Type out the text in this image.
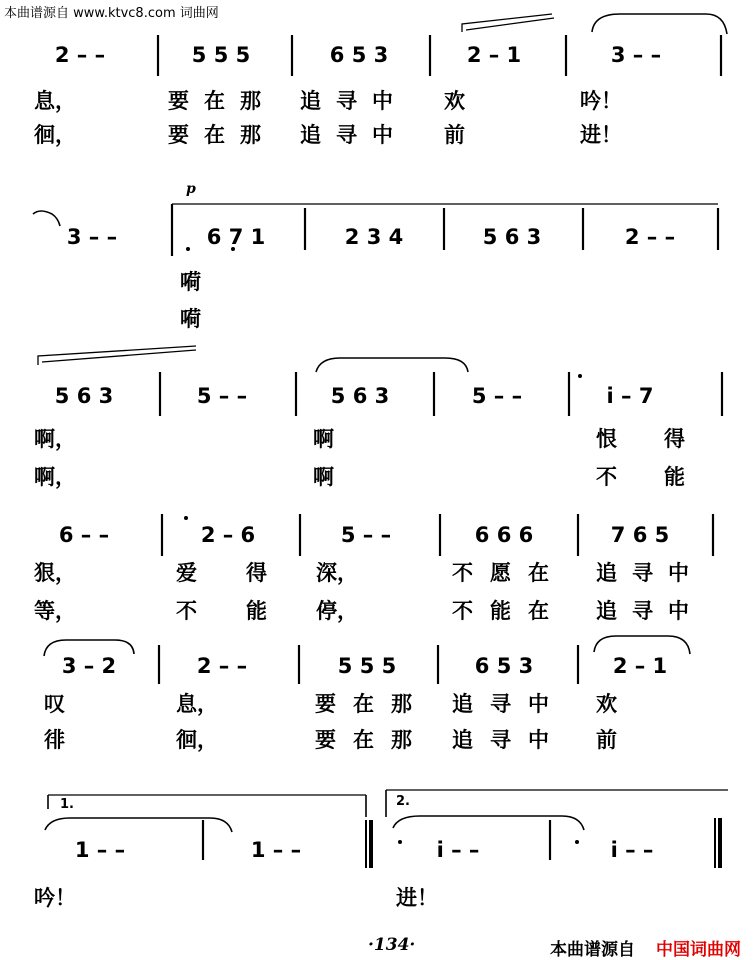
本曲谱源自 www.ktvc8.com 词曲网
2 – –	5 5 5	6 5 3	2 – 1	3 – –
息，	要 在 那 追 寻 中 欢	吟！
徊，	要 在 那 追 寻 中 前	进！
p
3 – –	6 7 1	2 3 4	5 6 3	2 – –
嗬
嗬
5 6 3	5 – –	5 6 3	5 – –	i – 7
啊，	啊	恨 得
啊，	啊	不 能
6 – –	2 – 6	5 – –	6 6 6	7 6 5
狠，	爱 得 深，	不 愿 在 追 寻 中
等，	不 能 停，	不 能 在 追 寻 中
3 – 2	2 – –	5 5 5	6 5 3	2 – 1
叹	息，	要 在 那 追 寻 中 欢
徘	徊，	要 在 那 追 寻 中 前
1.	2.
1 – –	1 – –	i – –	i – –
吟！	进！
·134·	本曲谱源自 中国词曲网
